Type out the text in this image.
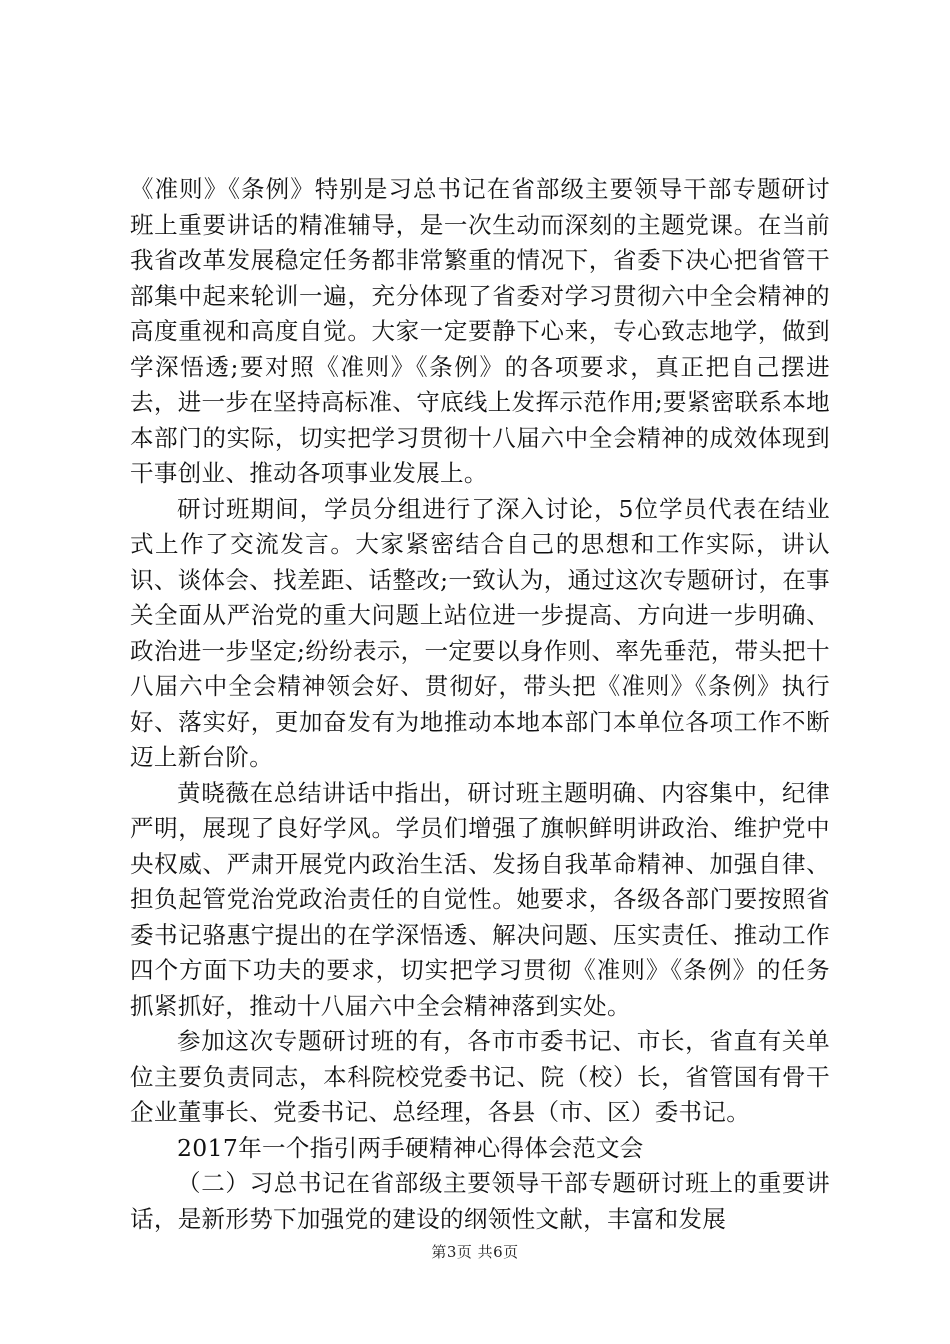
《准则》《条例》特别是习总书记在省部级主要领导干部专题研讨班上重要讲话的精准辅导，是一次生动而深刻的主题党课。在当前我省改革发展稳定任务都非常繁重的情况下，省委下决心把省管干部集中起来轮训一遍，充分体现了省委对学习贯彻六中全会精神的高度重视和高度自觉。大家一定要静下心来，专心致志地学，做到学深悟透;要对照《准则》《条例》的各项要求，真正把自己摆进去，进一步在坚持高标准、守底线上发挥示范作用;要紧密联系本地本部门的实际，切实把学习贯彻十八届六中全会精神的成效体现到干事创业、推动各项事业发展上。

研讨班期间，学员分组进行了深入讨论，5位学员代表在结业式上作了交流发言。大家紧密结合自己的思想和工作实际，讲认识、谈体会、找差距、话整改;一致认为，通过这次专题研讨，在事关全面从严治党的重大问题上站位进一步提高、方向进一步明确、政治进一步坚定;纷纷表示，一定要以身作则、率先垂范，带头把十八届六中全会精神领会好、贯彻好，带头把《准则》《条例》执行好、落实好，更加奋发有为地推动本地本部门本单位各项工作不断迈上新台阶。

黄晓薇在总结讲话中指出，研讨班主题明确、内容集中，纪律严明，展现了良好学风。学员们增强了旗帜鲜明讲政治、维护党中央权威、严肃开展党内政治生活、发扬自我革命精神、加强自律、担负起管党治党政治责任的自觉性。她要求，各级各部门要按照省委书记骆惠宁提出的在学深悟透、解决问题、压实责任、推动工作四个方面下功夫的要求，切实把学习贯彻《准则》《条例》的任务抓紧抓好，推动十八届六中全会精神落到实处。

参加这次专题研讨班的有，各市市委书记、市长，省直有关单位主要负责同志，本科院校党委书记、院（校）长，省管国有骨干企业董事长、党委书记、总经理，各县（市、区）委书记。

2017年一个指引两手硬精神心得体会范文会

（二）习总书记在省部级主要领导干部专题研讨班上的重要讲话，是新形势下加强党的建设的纲领性文献，丰富和发展

第3页 共6页
